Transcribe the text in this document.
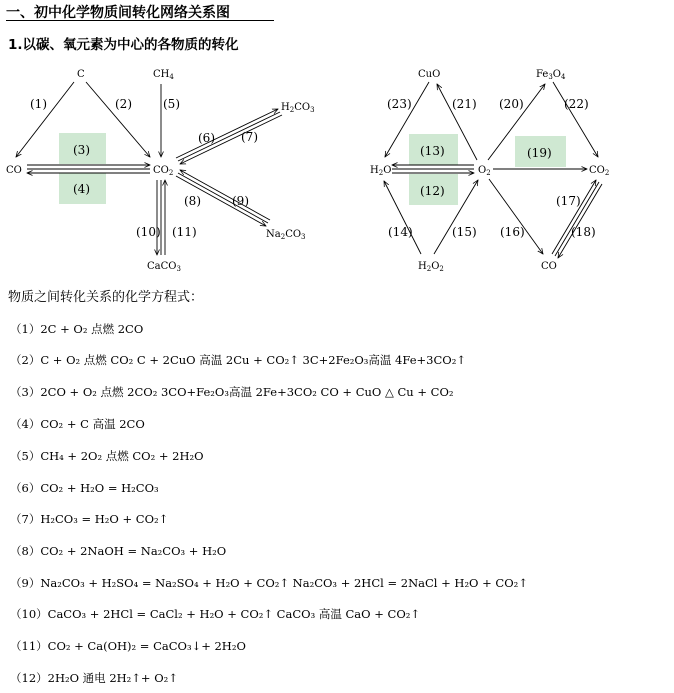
一、初中化学物质间转化网络关系图
1.以碳、氧元素为中心的各物质的转化
C	$CH_4$
CO	$CO_2$
$H_2CO_3$
$Na_2CO_3$
CaCO$_3$
(1)	(2)
(3)
(4)
(5)
(6) (7)
(8)	(9)
(10) (11)
CuO	$Fe_3O_4$
$H_2O$	$O_2$	$CO_2$
$H_2O_2$	CO
(23)	(21) (20)	(22)
(13)	(19)
(12)
(17)
(14)	(15) (16)	(18)
物质之间转化关系的化学方程式：
（1）2C + O₂ 点燃 2CO
（2）C + O₂ 点燃 CO₂ C + 2CuO 高温 2Cu + CO₂↑ 3C+2Fe₂O₃高温 4Fe+3CO₂↑
（3）2CO + O₂ 点燃 2CO₂ 3CO+Fe₂O₃高温 2Fe+3CO₂ CO + CuO △ Cu + CO₂
（4）CO₂ + C 高温 2CO
（5）CH₄ + 2O₂ 点燃 CO₂ + 2H₂O
（6）CO₂ + H₂O = H₂CO₃
（7）H₂CO₃ = H₂O + CO₂↑
（8）CO₂ + 2NaOH = Na₂CO₃ + H₂O
（9）Na₂CO₃ + H₂SO₄ = Na₂SO₄ + H₂O + CO₂↑ Na₂CO₃ + 2HCl = 2NaCl + H₂O + CO₂↑
（10）CaCO₃ + 2HCl = CaCl₂ + H₂O + CO₂↑ CaCO₃ 高温 CaO + CO₂↑
（11）CO₂ + Ca(OH)₂ = CaCO₃↓+ 2H₂O
（12）2H₂O 通电 2H₂↑+ O₂↑
